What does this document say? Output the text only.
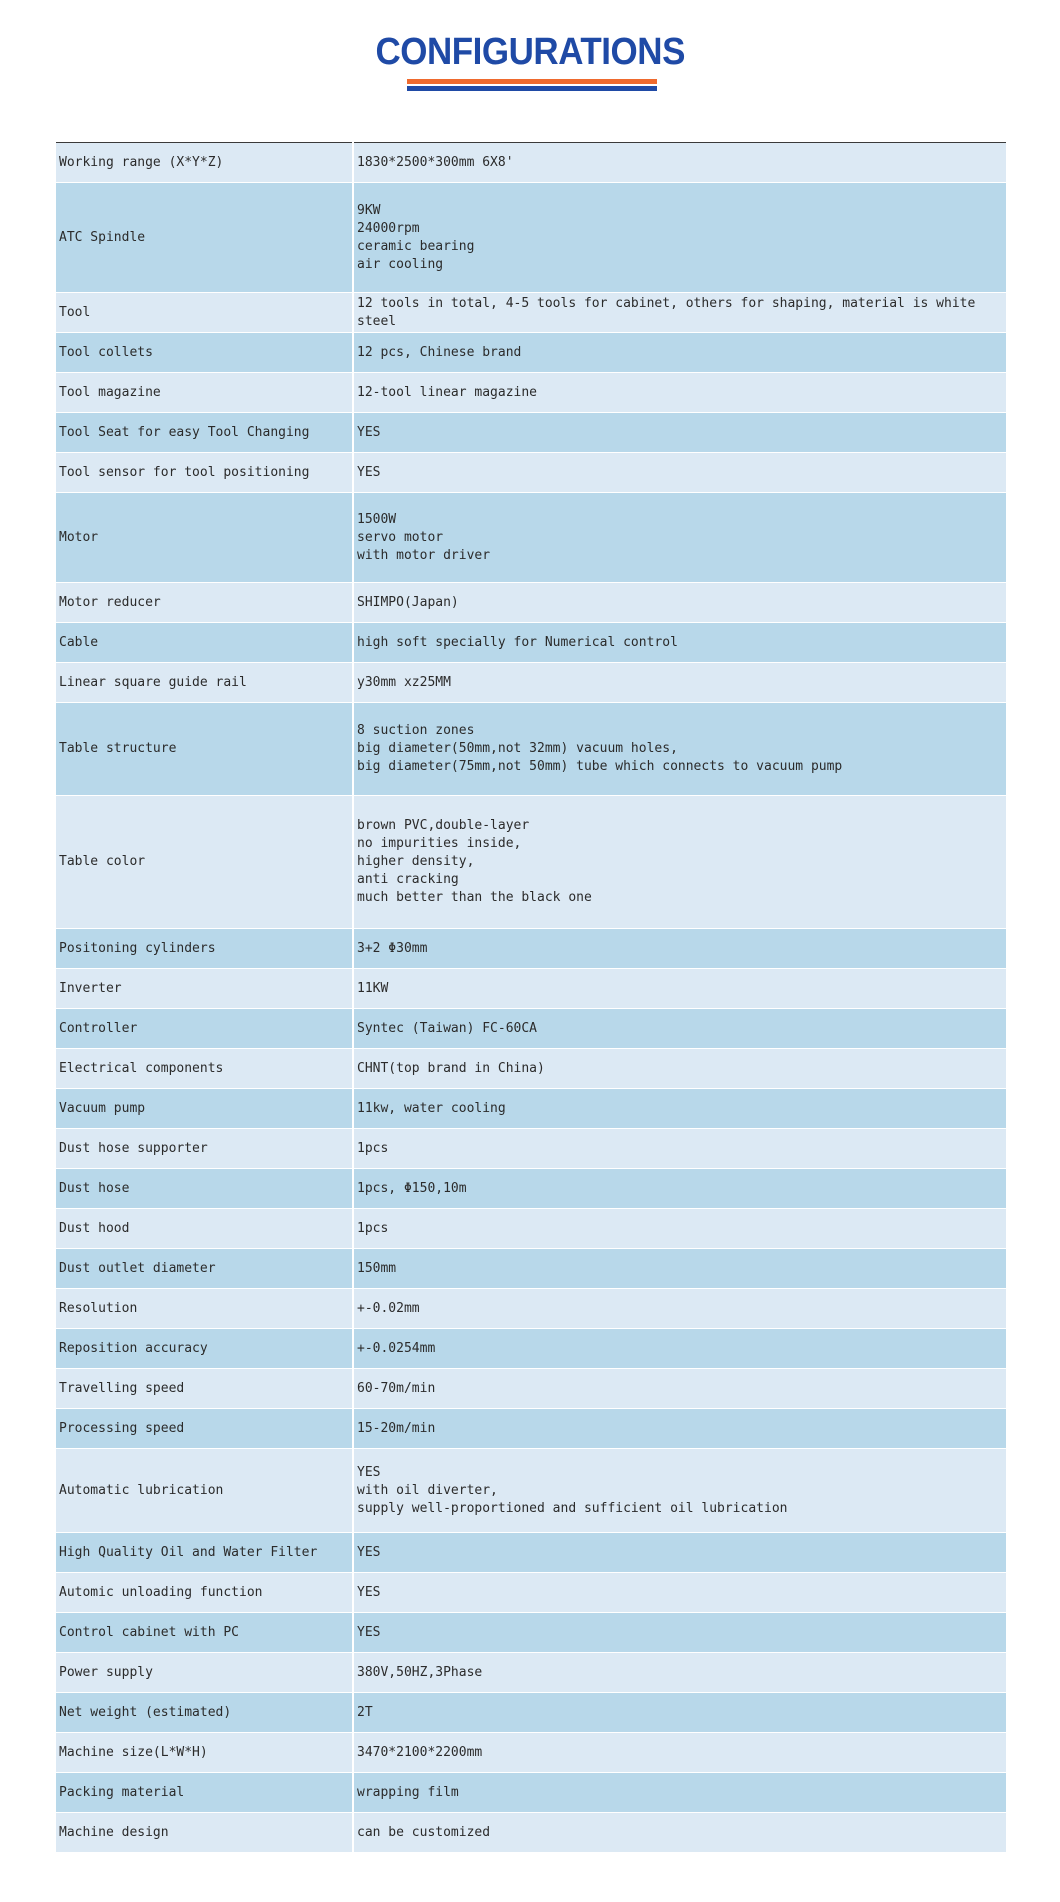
CONFIGURATIONS
Working range (X*Y*Z)	1830*2500*300mm 6X8'

ATC Spindle	9KW
24000rpm
ceramic bearing
air cooling

Tool	12 tools in total, 4-5 tools for cabinet, others for shaping, material is white steel

Tool collets	12 pcs, Chinese brand

Tool magazine	12-tool linear magazine

Tool Seat for easy Tool Changing	YES

Tool sensor for tool positioning	YES

Motor	1500W
servo motor
with motor driver

Motor reducer	SHIMPO(Japan)

Cable	high soft specially for Numerical control

Linear square guide rail	y30mm xz25MM

Table structure	8 suction zones
big diameter(50mm,not 32mm) vacuum holes,
big diameter(75mm,not 50mm) tube which connects to vacuum pump

Table color	brown PVC,double-layer
no impurities inside,
higher density,
anti cracking
much better than the black one

Positoning cylinders	3+2 Φ30mm

Inverter	11KW

Controller	Syntec (Taiwan) FC-60CA

Electrical components	CHNT(top brand in China)

Vacuum pump	11kw, water cooling

Dust hose supporter	1pcs

Dust hose	1pcs, Φ150,10m

Dust hood	1pcs

Dust outlet diameter	150mm

Resolution	+-0.02mm

Reposition accuracy	+-0.0254mm

Travelling speed	60-70m/min

Processing speed	15-20m/min

Automatic lubrication	YES
with oil diverter,
supply well-proportioned and sufficient oil lubrication

High Quality Oil and Water Filter	YES

Automic unloading function	YES

Control cabinet with PC	YES

Power supply	380V,50HZ,3Phase

Net weight (estimated)	2T

Machine size(L*W*H)	3470*2100*2200mm

Packing material	wrapping film

Machine design	can be customized
